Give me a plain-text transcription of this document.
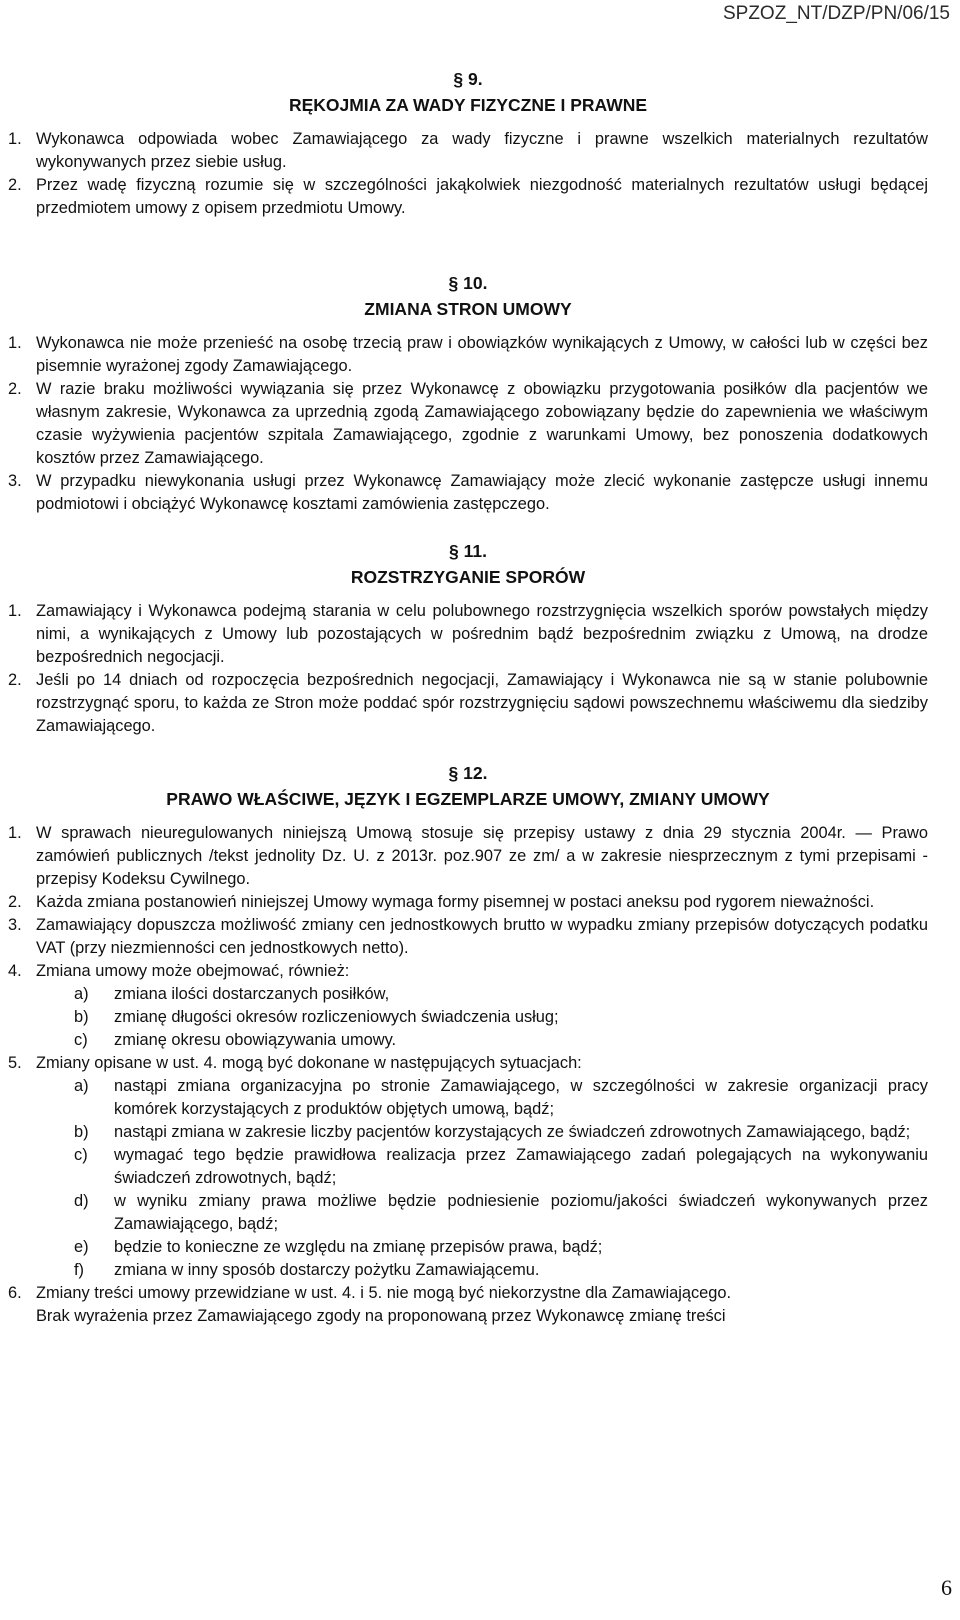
SPZOZ_NT/DZP/PN/06/15
§ 9.
RĘKOJMIA ZA WADY FIZYCZNE I PRAWNE
1. Wykonawca odpowiada wobec Zamawiającego za wady fizyczne i prawne wszelkich materialnych rezultatów wykonywanych przez siebie usług.
2. Przez wadę fizyczną rozumie się w szczególności jakąkolwiek niezgodność materialnych rezultatów usługi będącej przedmiotem umowy z opisem przedmiotu Umowy.
§ 10.
ZMIANA STRON UMOWY
1. Wykonawca nie może przenieść na osobę trzecią praw i obowiązków wynikających z Umowy, w całości lub w części bez pisemnie wyrażonej zgody Zamawiającego.
2. W razie braku możliwości wywiązania się przez Wykonawcę z obowiązku przygotowania posiłków dla pacjentów we własnym zakresie, Wykonawca za uprzednią zgodą Zamawiającego zobowiązany będzie do zapewnienia we właściwym czasie wyżywienia pacjentów szpitala Zamawiającego, zgodnie z warunkami Umowy, bez ponoszenia dodatkowych kosztów przez Zamawiającego.
3. W przypadku niewykonania usługi przez Wykonawcę Zamawiający może zlecić wykonanie zastępcze usługi innemu podmiotowi i obciążyć Wykonawcę kosztami zamówienia zastępczego.
§ 11.
ROZSTRZYGANIE SPORÓW
1. Zamawiający i Wykonawca podejmą starania w celu polubownego rozstrzygnięcia wszelkich sporów powstałych między nimi, a wynikających z Umowy lub pozostających w pośrednim bądź bezpośrednim związku z Umową, na drodze bezpośrednich negocjacji.
2. Jeśli po 14 dniach od rozpoczęcia bezpośrednich negocjacji, Zamawiający i Wykonawca nie są w stanie polubownie rozstrzygnąć sporu, to każda ze Stron może poddać spór rozstrzygnięciu sądowi powszechnemu właściwemu dla siedziby Zamawiającego.
§ 12.
PRAWO WŁAŚCIWE, JĘZYK I EGZEMPLARZE UMOWY, ZMIANY UMOWY
1. W sprawach nieuregulowanych niniejszą Umową stosuje się przepisy ustawy z dnia 29 stycznia 2004r. — Prawo zamówień publicznych /tekst jednolity Dz. U. z 2013r. poz.907 ze zm/ a w zakresie niesprzecznym z tymi przepisami - przepisy Kodeksu Cywilnego.
2. Każda zmiana postanowień niniejszej Umowy wymaga formy pisemnej w postaci aneksu pod rygorem nieważności.
3. Zamawiający dopuszcza możliwość zmiany cen jednostkowych brutto w wypadku zmiany przepisów dotyczących podatku VAT (przy niezmienności cen jednostkowych netto).
4. Zmiana umowy może obejmować, również:
a)	zmiana ilości dostarczanych posiłków,
b)	zmianę długości okresów rozliczeniowych świadczenia usług;
c)	zmianę okresu obowiązywania umowy.
5. Zmiany opisane w ust. 4. mogą być dokonane w następujących sytuacjach:
a)	nastąpi zmiana organizacyjna po stronie Zamawiającego, w szczególności w zakresie organizacji pracy komórek korzystających z produktów objętych umową, bądź;
b)	nastąpi zmiana w zakresie liczby pacjentów korzystających ze świadczeń zdrowotnych Zamawiającego, bądź;
c)	wymagać tego będzie prawidłowa realizacja przez Zamawiającego zadań polegających na wykonywaniu świadczeń zdrowotnych, bądź;
d)	w wyniku zmiany prawa możliwe będzie podniesienie poziomu/jakości świadczeń wykonywanych przez Zamawiającego, bądź;
e)	będzie to konieczne ze względu na zmianę przepisów prawa, bądź;
f)	zmiana w inny sposób dostarczy pożytku Zamawiającemu.
6. Zmiany treści umowy przewidziane w ust. 4. i 5. nie mogą być niekorzystne dla Zamawiającego.
Brak wyrażenia przez Zamawiającego zgody na proponowaną przez Wykonawcę zmianę treści
6
